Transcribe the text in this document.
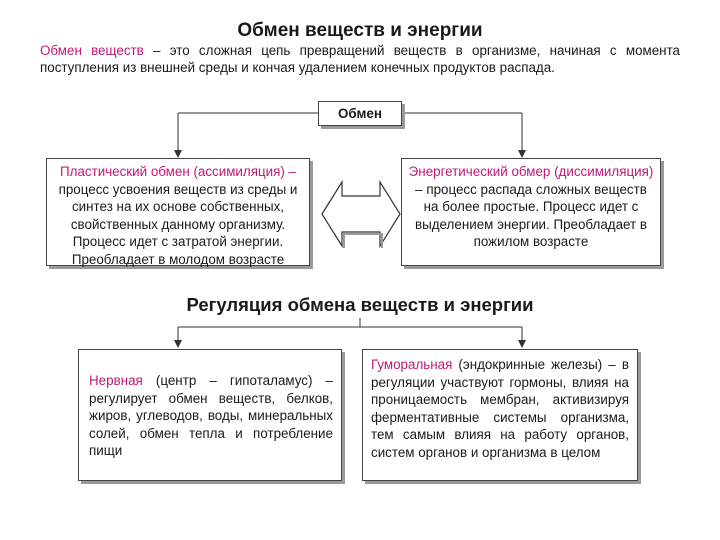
Обмен веществ и энергии
Обмен веществ – это сложная цепь превращений веществ в организме, начиная с момента поступления из внешней среды и кончая удалением конечных продуктов распада.
Обмен
Пластический обмен (ассимиляция) – процесс усвоения веществ из среды и синтез на их основе собственных, свойственных данному организму. Процесс идет с затратой энергии. Преобладает в молодом возрасте
Энергетический обмер (диссимиляция) – процесс распада сложных веществ на более простые. Процесс идет с выделением энергии. Преобладает в пожилом возрасте
Регуляция обмена веществ и энергии
Нервная (центр – гипоталамус) – регулирует обмен веществ, белков, жиров, углеводов, воды, минеральных солей, обмен тепла и потребление пищи
Гуморальная (эндокринные железы) – в регуляции участвуют гормоны, влияя на проницаемость мембран, активизируя ферментативные системы организма, тем самым влияя на работу органов, систем органов и организма в целом
